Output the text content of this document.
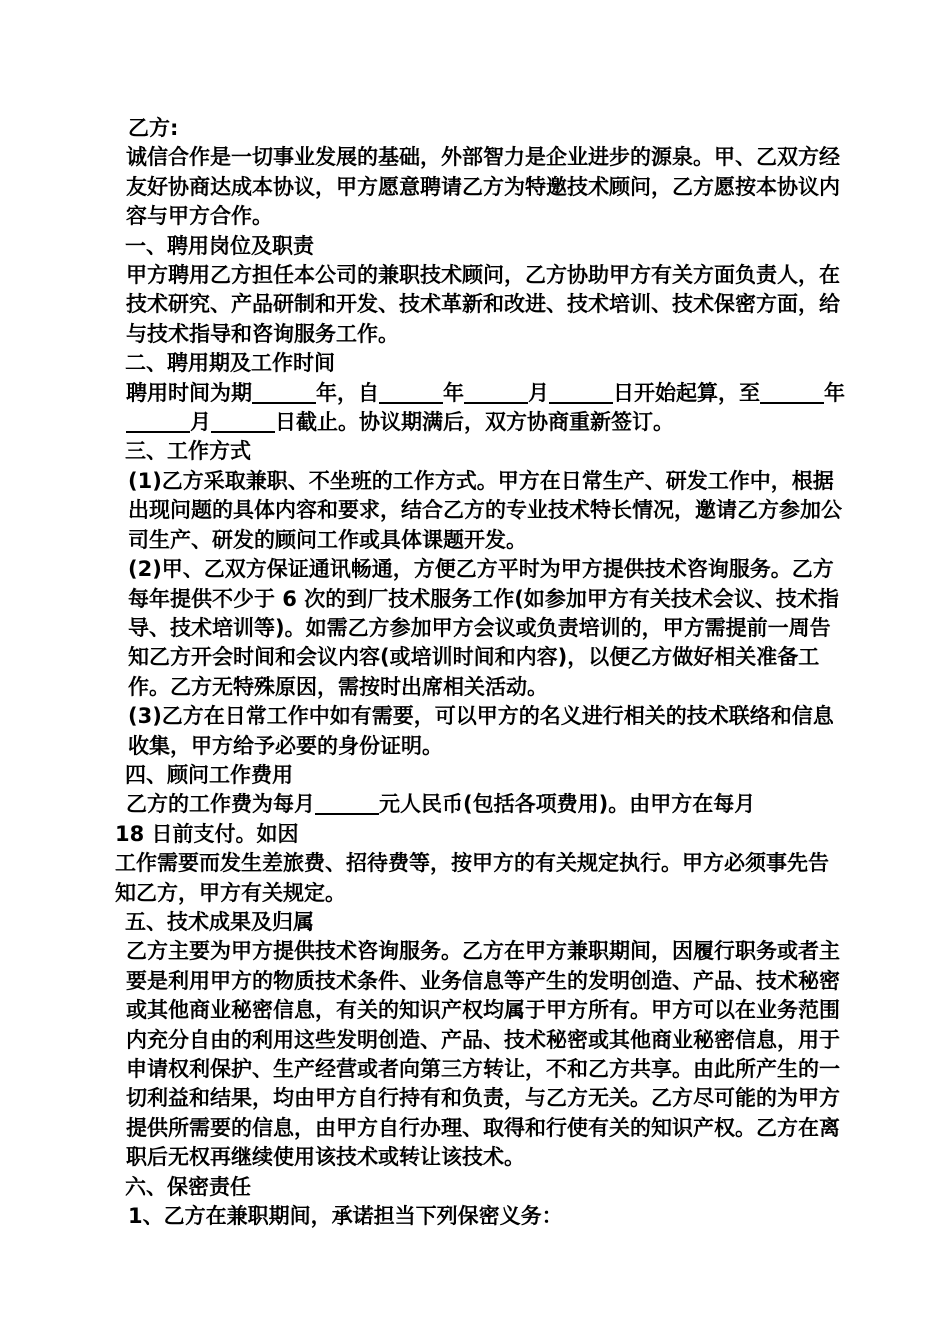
乙方:

诚信合作是一切事业发展的基础，外部智力是企业进步的源泉。甲、乙双方经友好协商达成本协议，甲方愿意聘请乙方为特邀技术顾问，乙方愿按本协议内容与甲方合作。

一、聘用岗位及职责

甲方聘用乙方担任本公司的兼职技术顾问，乙方协助甲方有关方面负责人，在技术研究、产品研制和开发、技术革新和改进、技术培训、技术保密方面，给与技术指导和咨询服务工作。

二、聘用期及工作时间

聘用时间为期	年，自	年	月	日开始起算，至	年月	日截止。协议期满后，双方协商重新签订。

三、工作方式

(1)乙方采取兼职、不坐班的工作方式。甲方在日常生产、研发工作中，根据出现问题的具体内容和要求，结合乙方的专业技术特长情况，邀请乙方参加公司生产、研发的顾问工作或具体课题开发。

(2)甲、乙双方保证通讯畅通，方便乙方平时为甲方提供技术咨询服务。乙方每年提供不少于 6 次的到厂技术服务工作(如参加甲方有关技术会议、技术指导、技术培训等)。如需乙方参加甲方会议或负责培训的，甲方需提前一周告知乙方开会时间和会议内容(或培训时间和内容)，以便乙方做好相关准备工作。乙方无特殊原因，需按时出席相关活动。

(3)乙方在日常工作中如有需要，可以甲方的名义进行相关的技术联络和信息收集，甲方给予必要的身份证明。

四、顾问工作费用

乙方的工作费为每月	元人民币(包括各项费用)。由甲方在每月

18 日前支付。如因

工作需要而发生差旅费、招待费等，按甲方的有关规定执行。甲方必须事先告知乙方，甲方有关规定。

五、技术成果及归属

乙方主要为甲方提供技术咨询服务。乙方在甲方兼职期间，因履行职务或者主要是利用甲方的物质技术条件、业务信息等产生的发明创造、产品、技术秘密或其他商业秘密信息，有关的知识产权均属于甲方所有。甲方可以在业务范围内充分自由的利用这些发明创造、产品、技术秘密或其他商业秘密信息，用于申请权利保护、生产经营或者向第三方转让，不和乙方共享。由此所产生的一切利益和结果，均由甲方自行持有和负责，与乙方无关。乙方尽可能的为甲方提供所需要的信息，由甲方自行办理、取得和行使有关的知识产权。乙方在离职后无权再继续使用该技术或转让该技术。

六、保密责任

1、乙方在兼职期间，承诺担当下列保密义务：
